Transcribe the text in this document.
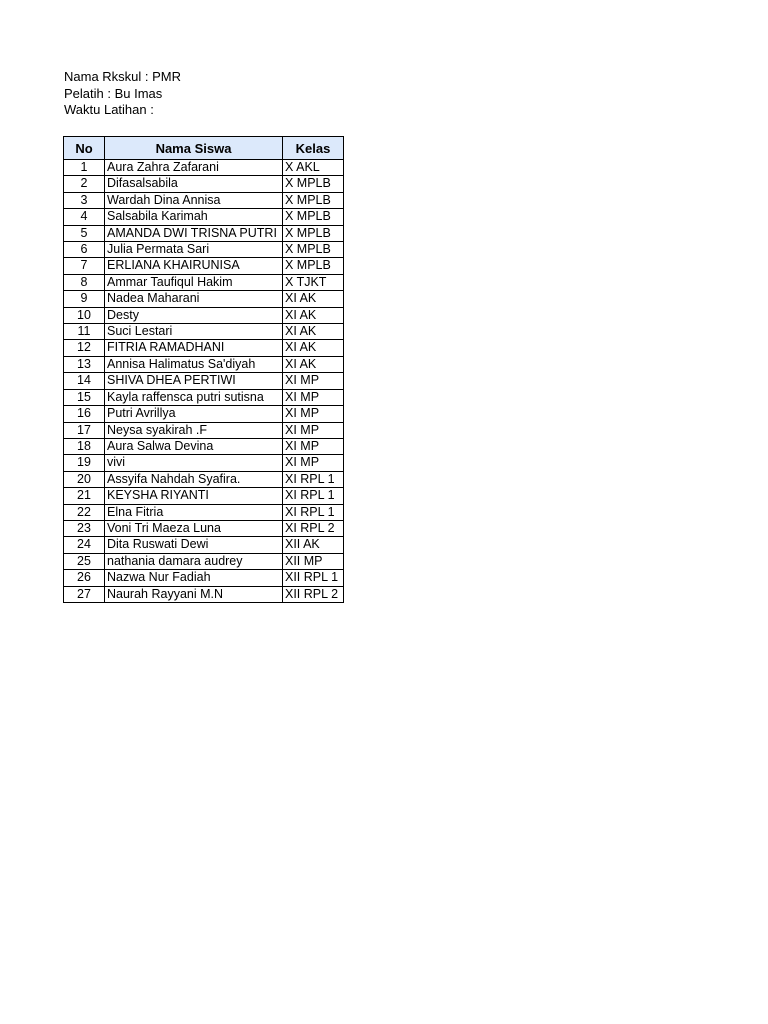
Nama Rkskul : PMR
Pelatih : Bu Imas
Waktu Latihan :
No	Nama Siswa	Kelas
1	Aura Zahra Zafarani	X AKL
2	Difasalsabila	X MPLB
3	Wardah Dina Annisa	X MPLB
4	Salsabila Karimah	X MPLB
5	AMANDA DWI TRISNA PUTRI	X MPLB
6	Julia Permata Sari	X MPLB
7	ERLIANA KHAIRUNISA	X MPLB
8	Ammar Taufiqul Hakim	X TJKT
9	Nadea Maharani	XI AK
10	Desty	XI AK
11	Suci Lestari	XI AK
12	FITRIA RAMADHANI	XI AK
13	Annisa Halimatus Sa'diyah	XI AK
14	SHIVA DHEA PERTIWI	XI MP
15	Kayla raffensca putri sutisna	XI MP
16	Putri Avrillya	XI MP
17	Neysa syakirah .F	XI MP
18	Aura Salwa Devina	XI MP
19	vivi	XI MP
20	Assyifa Nahdah Syafira.	XI RPL 1
21	KEYSHA RIYANTI	XI RPL 1
22	Elna Fitria	XI RPL 1
23	Voni Tri Maeza Luna	XI RPL 2
24	Dita Ruswati Dewi	XII AK
25	nathania damara audrey	XII MP
26	Nazwa Nur Fadiah	XII RPL 1
27	Naurah Rayyani M.N	XII RPL 2
